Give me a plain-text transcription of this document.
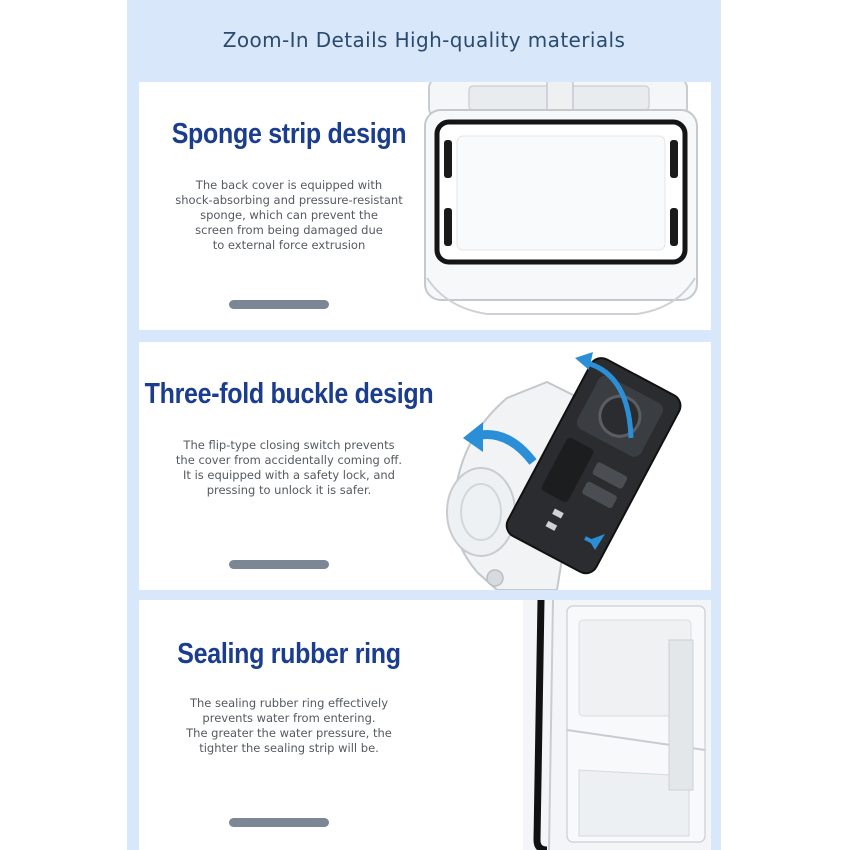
Zoom-In Details High-quality materials
Sponge strip design
The back cover is equipped with
shock-absorbing and pressure-resistant
sponge, which can prevent the
screen from being damaged due
to external force extrusion
Three-fold buckle design
The flip-type closing switch prevents
the cover from accidentally coming off.
It is equipped with a safety lock, and
pressing to unlock it is safer.
Sealing rubber ring
The sealing rubber ring effectively
prevents water from entering.
The greater the water pressure, the
tighter the sealing strip will be.
